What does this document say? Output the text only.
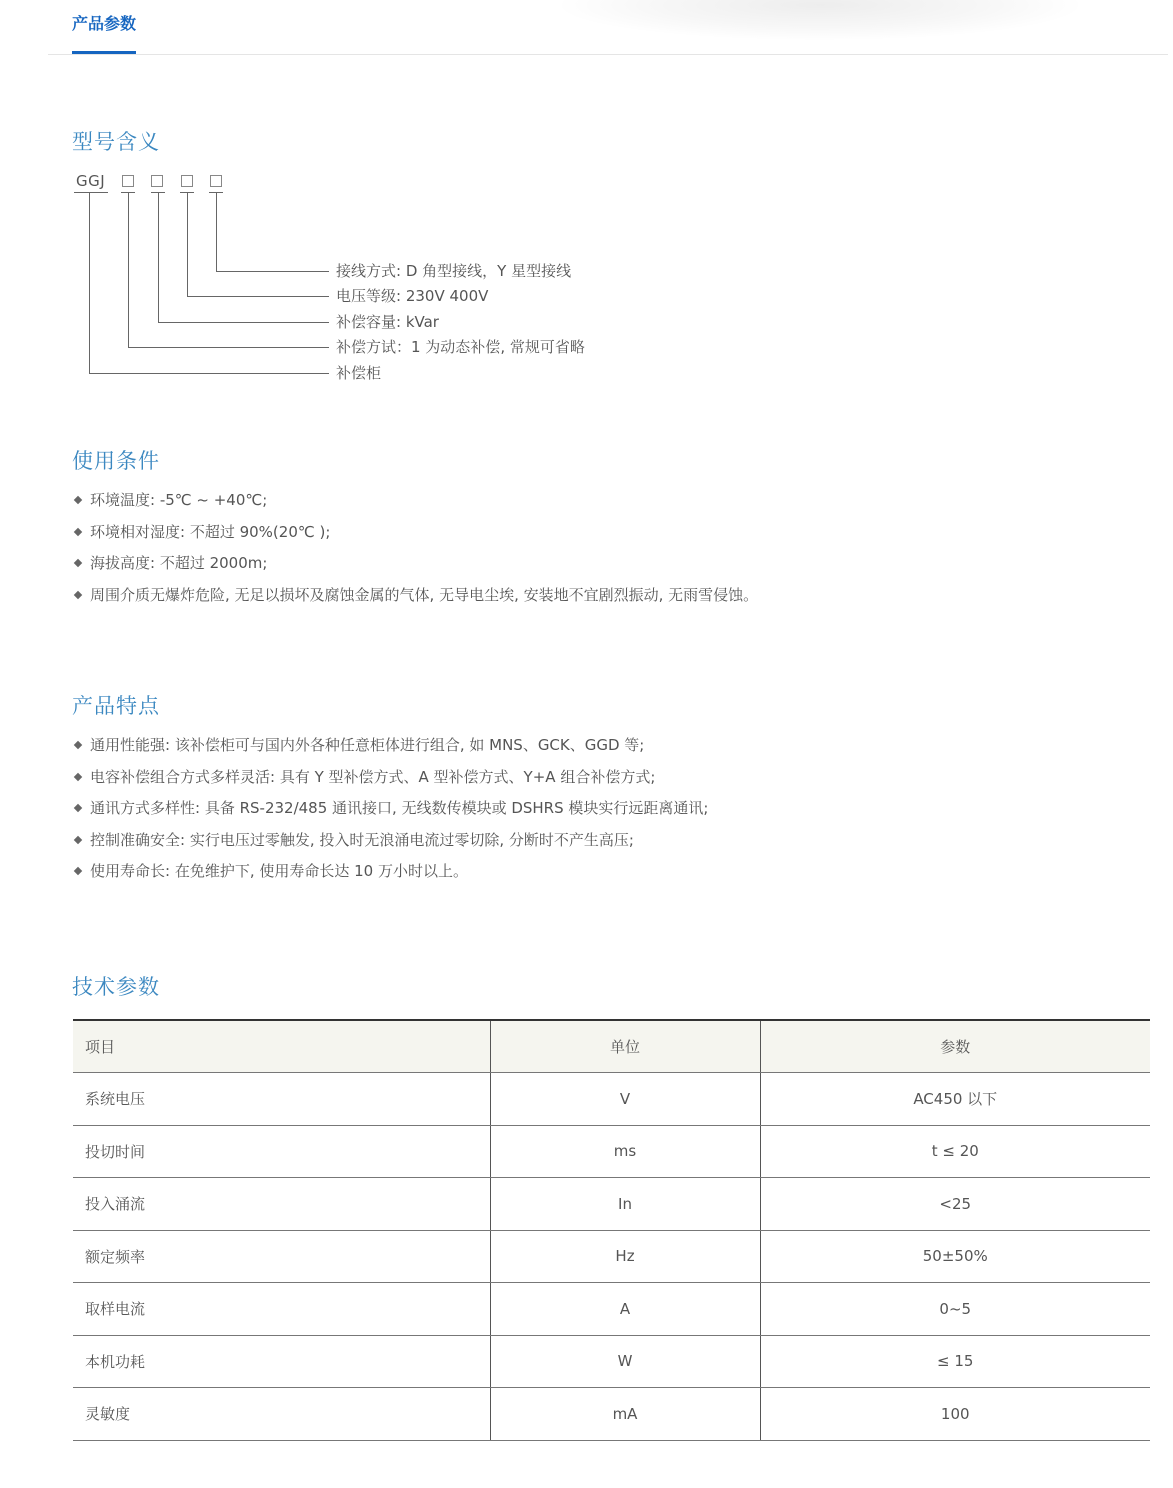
产品参数
型号含义
GGJ
接线方式: D 角型接线，Y 星型接线
电压等级: 230V 400V
补偿容量: kVar
补偿方试：1 为动态补偿, 常规可省略
补偿柜
使用条件
环境温度: -5℃ ~ +40℃;
环境相对湿度: 不超过 90%(20℃ );
海拔高度: 不超过 2000m;
周围介质无爆炸危险, 无足以损坏及腐蚀金属的气体, 无导电尘埃, 安装地不宜剧烈振动, 无雨雪侵蚀。
产品特点
通用性能强: 该补偿柜可与国内外各种任意柜体进行组合, 如 MNS、GCK、GGD 等;
电容补偿组合方式多样灵活: 具有 Y 型补偿方式、A 型补偿方式、Y+A 组合补偿方式;
通讯方式多样性: 具备 RS-232/485 通讯接口, 无线数传模块或 DSHRS 模块实行远距离通讯;
控制准确安全: 实行电压过零触发, 投入时无浪涌电流过零切除, 分断时不产生高压;
使用寿命长: 在免维护下, 使用寿命长达 10 万小时以上。
技术参数
项目	单位	参数
系统电压	V	AC450 以下
投切时间	ms	t ≤ 20
投入涌流	In	<25
额定频率	Hz	50±50%
取样电流	A	0~5
本机功耗	W	≤ 15
灵敏度	mA	100
